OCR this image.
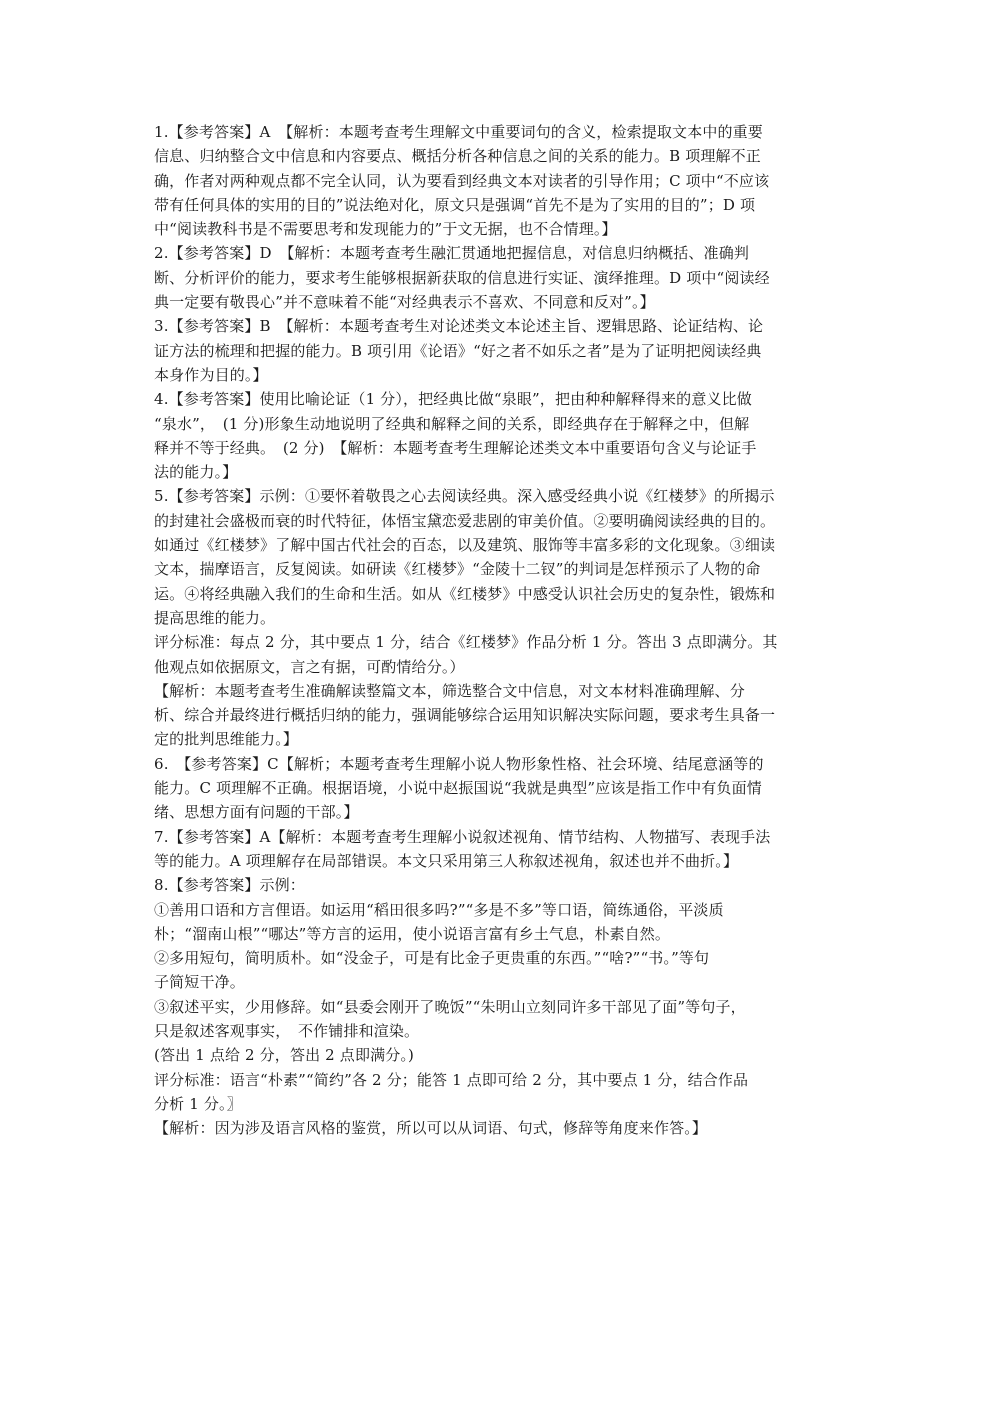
1.【参考答案】A　【解析：本题考查考生理解文中重要词句的含义，检索提取文本中的重要
信息、归纳整合文中信息和内容要点、概括分析各种信息之间的关系的能力。B 项理解不正
确，作者对两种观点都不完全认同，认为要看到经典文本对读者的引导作用；C 项中“不应该
带有任何具体的实用的目的”说法绝对化，原文只是强调“首先不是为了实用的目的”；D 项
中“阅读教科书是不需要思考和发现能力的”于文无据，也不合情理。】
2.【参考答案】D　【解析：本题考查考生融汇贯通地把握信息，对信息归纳概括、准确判
断、分析评价的能力，要求考生能够根据新获取的信息进行实证、演绎推理。D 项中“阅读经
典一定要有敬畏心”并不意味着不能“对经典表示不喜欢、不同意和反对”。】
3.【参考答案】B　【解析：本题考查考生对论述类文本论述主旨、逻辑思路、论证结构、论
证方法的梳理和把握的能力。B 项引用《论语》“好之者不如乐之者”是为了证明把阅读经典
本身作为目的。】
4.【参考答案】使用比喻论证（1 分），把经典比做“泉眼”，把由种种解释得来的意义比做
“泉水”，　(1 分)形象生动地说明了经典和解释之间的关系，即经典存在于解释之中，但解
释并不等于经典。　(2 分)　【解析：本题考查考生理解论述类文本中重要语句含义与论证手
法的能力。】
5.【参考答案】示例：①要怀着敬畏之心去阅读经典。深入感受经典小说《红楼梦》的所揭示
的封建社会盛极而衰的时代特征，体悟宝黛恋爱悲剧的审美价值。②要明确阅读经典的目的。
如通过《红楼梦》了解中国古代社会的百态，以及建筑、服饰等丰富多彩的文化现象。③细读
文本，揣摩语言，反复阅读。如研读《红楼梦》“金陵十二钗”的判词是怎样预示了人物的命
运。④将经典融入我们的生命和生活。如从《红楼梦》中感受认识社会历史的复杂性，锻炼和
提高思维的能力。
评分标准：每点 2 分，其中要点 1 分，结合《红楼梦》作品分析 1 分。答出 3 点即满分。其
他观点如依据原文，言之有据，可酌情给分。）
【解析：本题考查考生准确解读整篇文本，筛选整合文中信息，对文本材料准确理解、分
析、综合并最终进行概括归纳的能力，强调能够综合运用知识解决实际问题，要求考生具备一
定的批判思维能力。】
6.　【参考答案】C【解析；本题考查考生理解小说人物形象性格、社会环境、结尾意涵等的
能力。C 项理解不正确。根据语境，小说中赵振国说“我就是典型”应该是指工作中有负面情
绪、思想方面有问题的干部。】
7.【参考答案】A【解析：本题考查考生理解小说叙述视角、情节结构、人物描写、表现手法
等的能力。A 项理解存在局部错误。本文只采用第三人称叙述视角，叙述也并不曲折。】
8.【参考答案】示例：
①善用口语和方言俚语。如运用“稻田很多吗?”“多是不多”等口语，简练通俗，平淡质
朴；“溜南山根”“哪达”等方言的运用，使小说语言富有乡土气息，朴素自然。
②多用短句，简明质朴。如“没金子，可是有比金子更贵重的东西。”“啥?”“书。”等句
子简短干净。
③叙述平实，少用修辞。如“县委会刚开了晚饭”“朱明山立刻同许多干部见了面”等句子，
只是叙述客观事实，　不作铺排和渲染。
(答出 1 点给 2 分，答出 2 点即满分。)
评分标准：语言“朴素”“简约”各 2 分；能答 1 点即可给 2 分，其中要点 1 分，结合作品
分析 1 分。〗
【解析：因为涉及语言风格的鉴赏，所以可以从词语、句式，修辞等角度来作答。】
